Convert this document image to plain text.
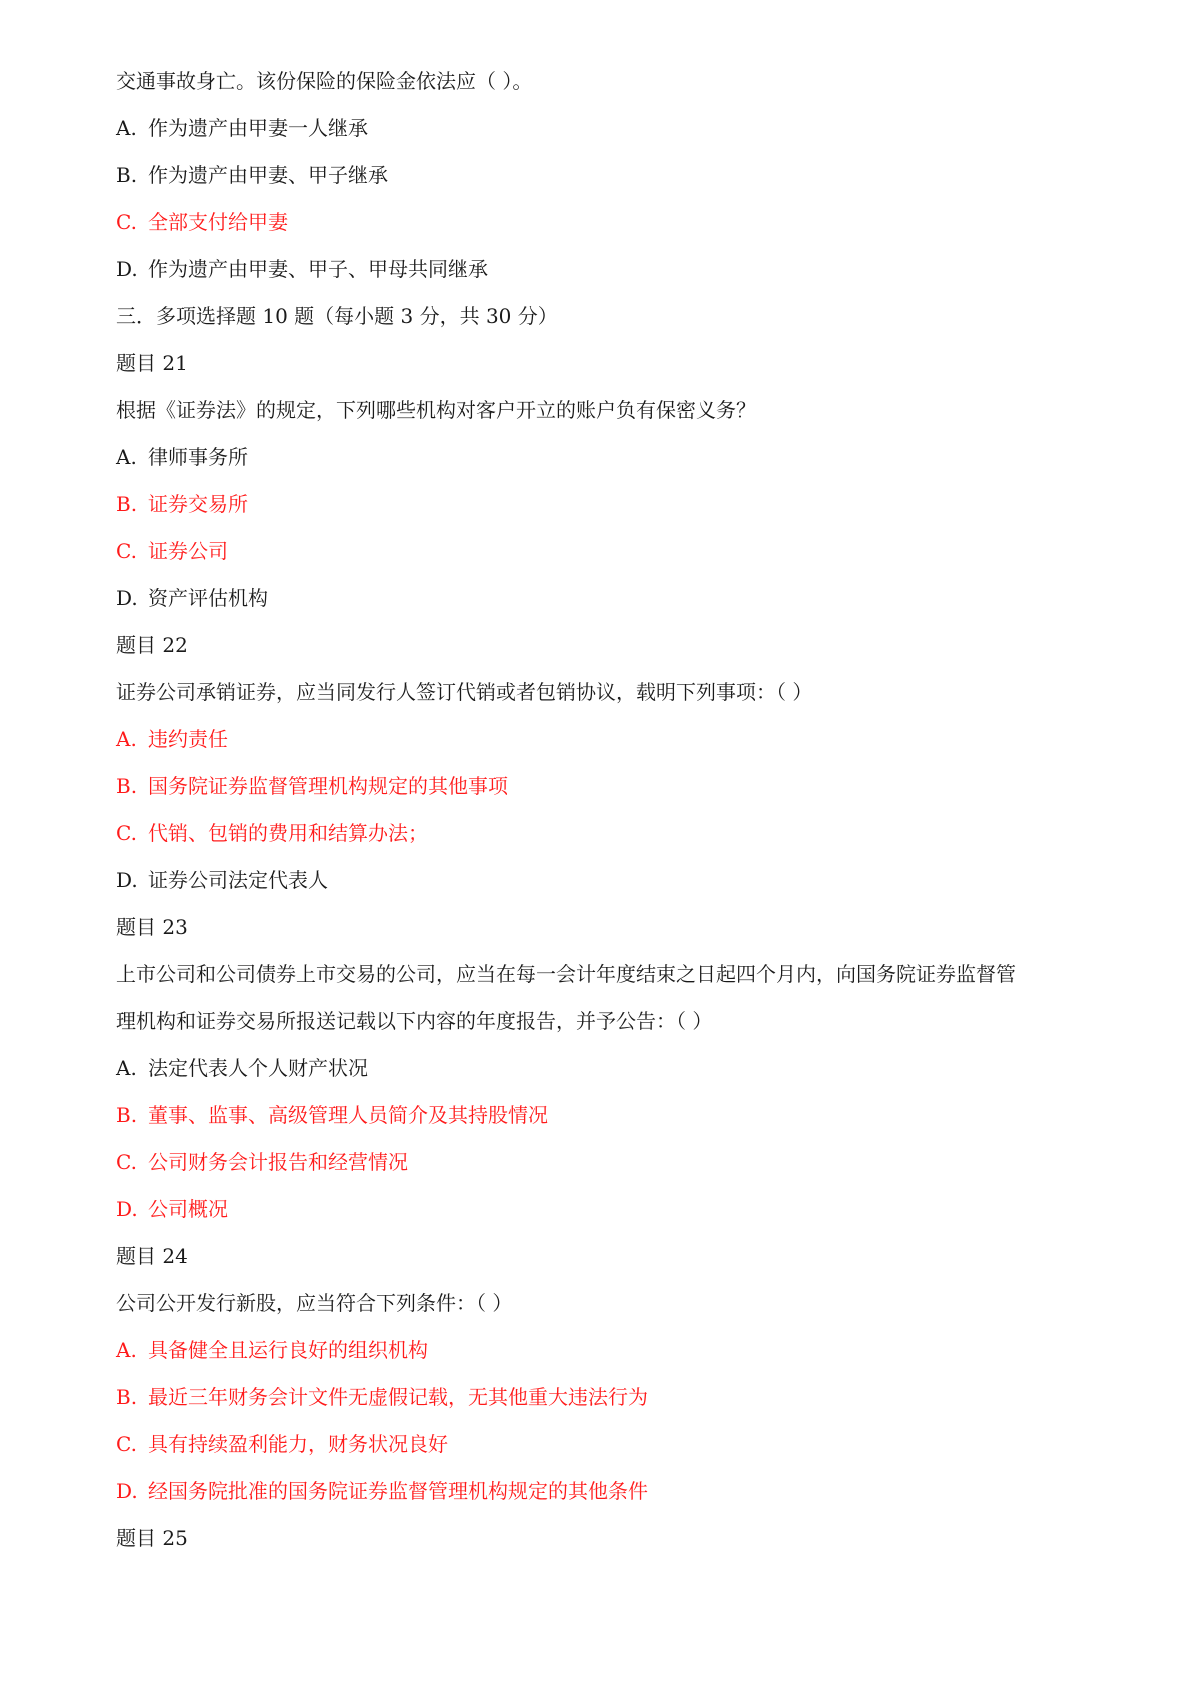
交通事故身亡。该份保险的保险金依法应（ ）。

A. 作为遗产由甲妻一人继承

B. 作为遗产由甲妻、甲子继承

C. 全部支付给甲妻

D. 作为遗产由甲妻、甲子、甲母共同继承

三．多项选择题 10 题（每小题 3 分，共 30 分）

题目 21

根据《证券法》的规定，下列哪些机构对客户开立的账户负有保密义务？

A. 律师事务所

B. 证券交易所

C. 证券公司

D. 资产评估机构

题目 22

证券公司承销证券，应当同发行人签订代销或者包销协议，载明下列事项：（ ）

A. 违约责任

B. 国务院证券监督管理机构规定的其他事项

C. 代销、包销的费用和结算办法；

D. 证券公司法定代表人

题目 23

上市公司和公司债券上市交易的公司，应当在每一会计年度结束之日起四个月内，向国务院证券监督管

理机构和证券交易所报送记载以下内容的年度报告，并予公告：（ ）

A. 法定代表人个人财产状况

B. 董事、监事、高级管理人员简介及其持股情况

C. 公司财务会计报告和经营情况

D. 公司概况

题目 24

公司公开发行新股，应当符合下列条件：（ ）

A. 具备健全且运行良好的组织机构

B. 最近三年财务会计文件无虚假记载，无其他重大违法行为

C. 具有持续盈利能力，财务状况良好

D. 经国务院批准的国务院证券监督管理机构规定的其他条件

题目 25
